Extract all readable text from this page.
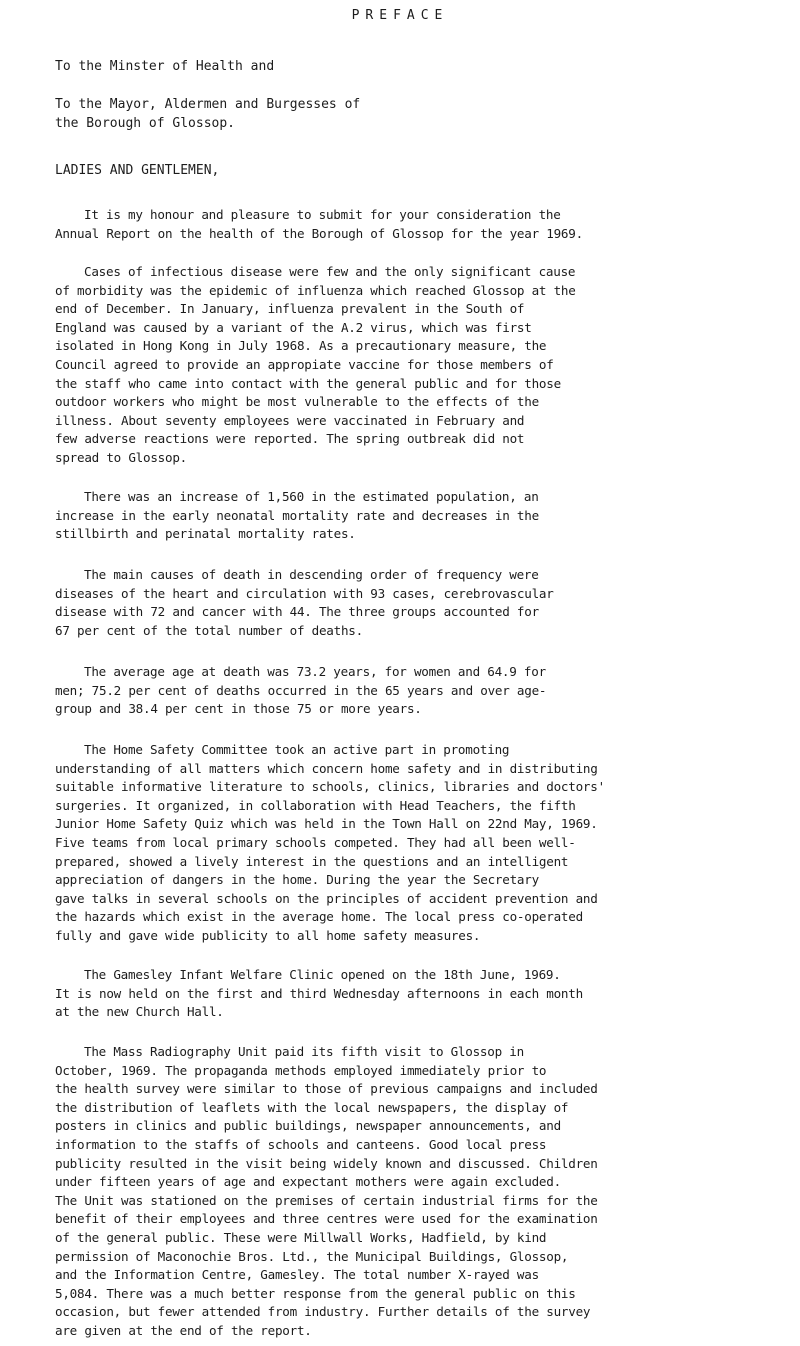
PREFACE
To the Minster of Health and
To the Mayor, Aldermen and Burgesses of
the Borough of Glossop.
LADIES AND GENTLEMEN,

It is my honour and pleasure to submit for your consideration the
Annual Report on the health of the Borough of Glossop for the year 1969.

Cases of infectious disease were few and the only significant cause
of morbidity was the epidemic of influenza which reached Glossop at the
end of December. In January, influenza prevalent in the South of
England was caused by a variant of the A.2 virus, which was first
isolated in Hong Kong in July 1968. As a precautionary measure, the
Council agreed to provide an appropiate vaccine for those members of
the staff who came into contact with the general public and for those
outdoor workers who might be most vulnerable to the effects of the
illness. About seventy employees were vaccinated in February and
few adverse reactions were reported. The spring outbreak did not
spread to Glossop.

There was an increase of 1,560 in the estimated population, an
increase in the early neonatal mortality rate and decreases in the
stillbirth and perinatal mortality rates.

The main causes of death in descending order of frequency were
diseases of the heart and circulation with 93 cases, cerebrovascular
disease with 72 and cancer with 44. The three groups accounted for
67 per cent of the total number of deaths.

The average age at death was 73.2 years, for women and 64.9 for
men; 75.2 per cent of deaths occurred in the 65 years and over age-
group and 38.4 per cent in those 75 or more years.

The Home Safety Committee took an active part in promoting
understanding of all matters which concern home safety and in distributing
suitable informative literature to schools, clinics, libraries and doctors'
surgeries. It organized, in collaboration with Head Teachers, the fifth
Junior Home Safety Quiz which was held in the Town Hall on 22nd May, 1969.
Five teams from local primary schools competed. They had all been well-
prepared, showed a lively interest in the questions and an intelligent
appreciation of dangers in the home. During the year the Secretary
gave talks in several schools on the principles of accident prevention and
the hazards which exist in the average home. The local press co-operated
fully and gave wide publicity to all home safety measures.

The Gamesley Infant Welfare Clinic opened on the 18th June, 1969.
It is now held on the first and third Wednesday afternoons in each month
at the new Church Hall.

The Mass Radiography Unit paid its fifth visit to Glossop in
October, 1969. The propaganda methods employed immediately prior to
the health survey were similar to those of previous campaigns and included
the distribution of leaflets with the local newspapers, the display of
posters in clinics and public buildings, newspaper announcements, and
information to the staffs of schools and canteens. Good local press
publicity resulted in the visit being widely known and discussed. Children
under fifteen years of age and expectant mothers were again excluded.
The Unit was stationed on the premises of certain industrial firms for the
benefit of their employees and three centres were used for the examination
of the general public. These were Millwall Works, Hadfield, by kind
permission of Maconochie Bros. Ltd., the Municipal Buildings, Glossop,
and the Information Centre, Gamesley. The total number X-rayed was
5,084. There was a much better response from the general public on this
occasion, but fewer attended from industry. Further details of the survey
are given at the end of the report.
